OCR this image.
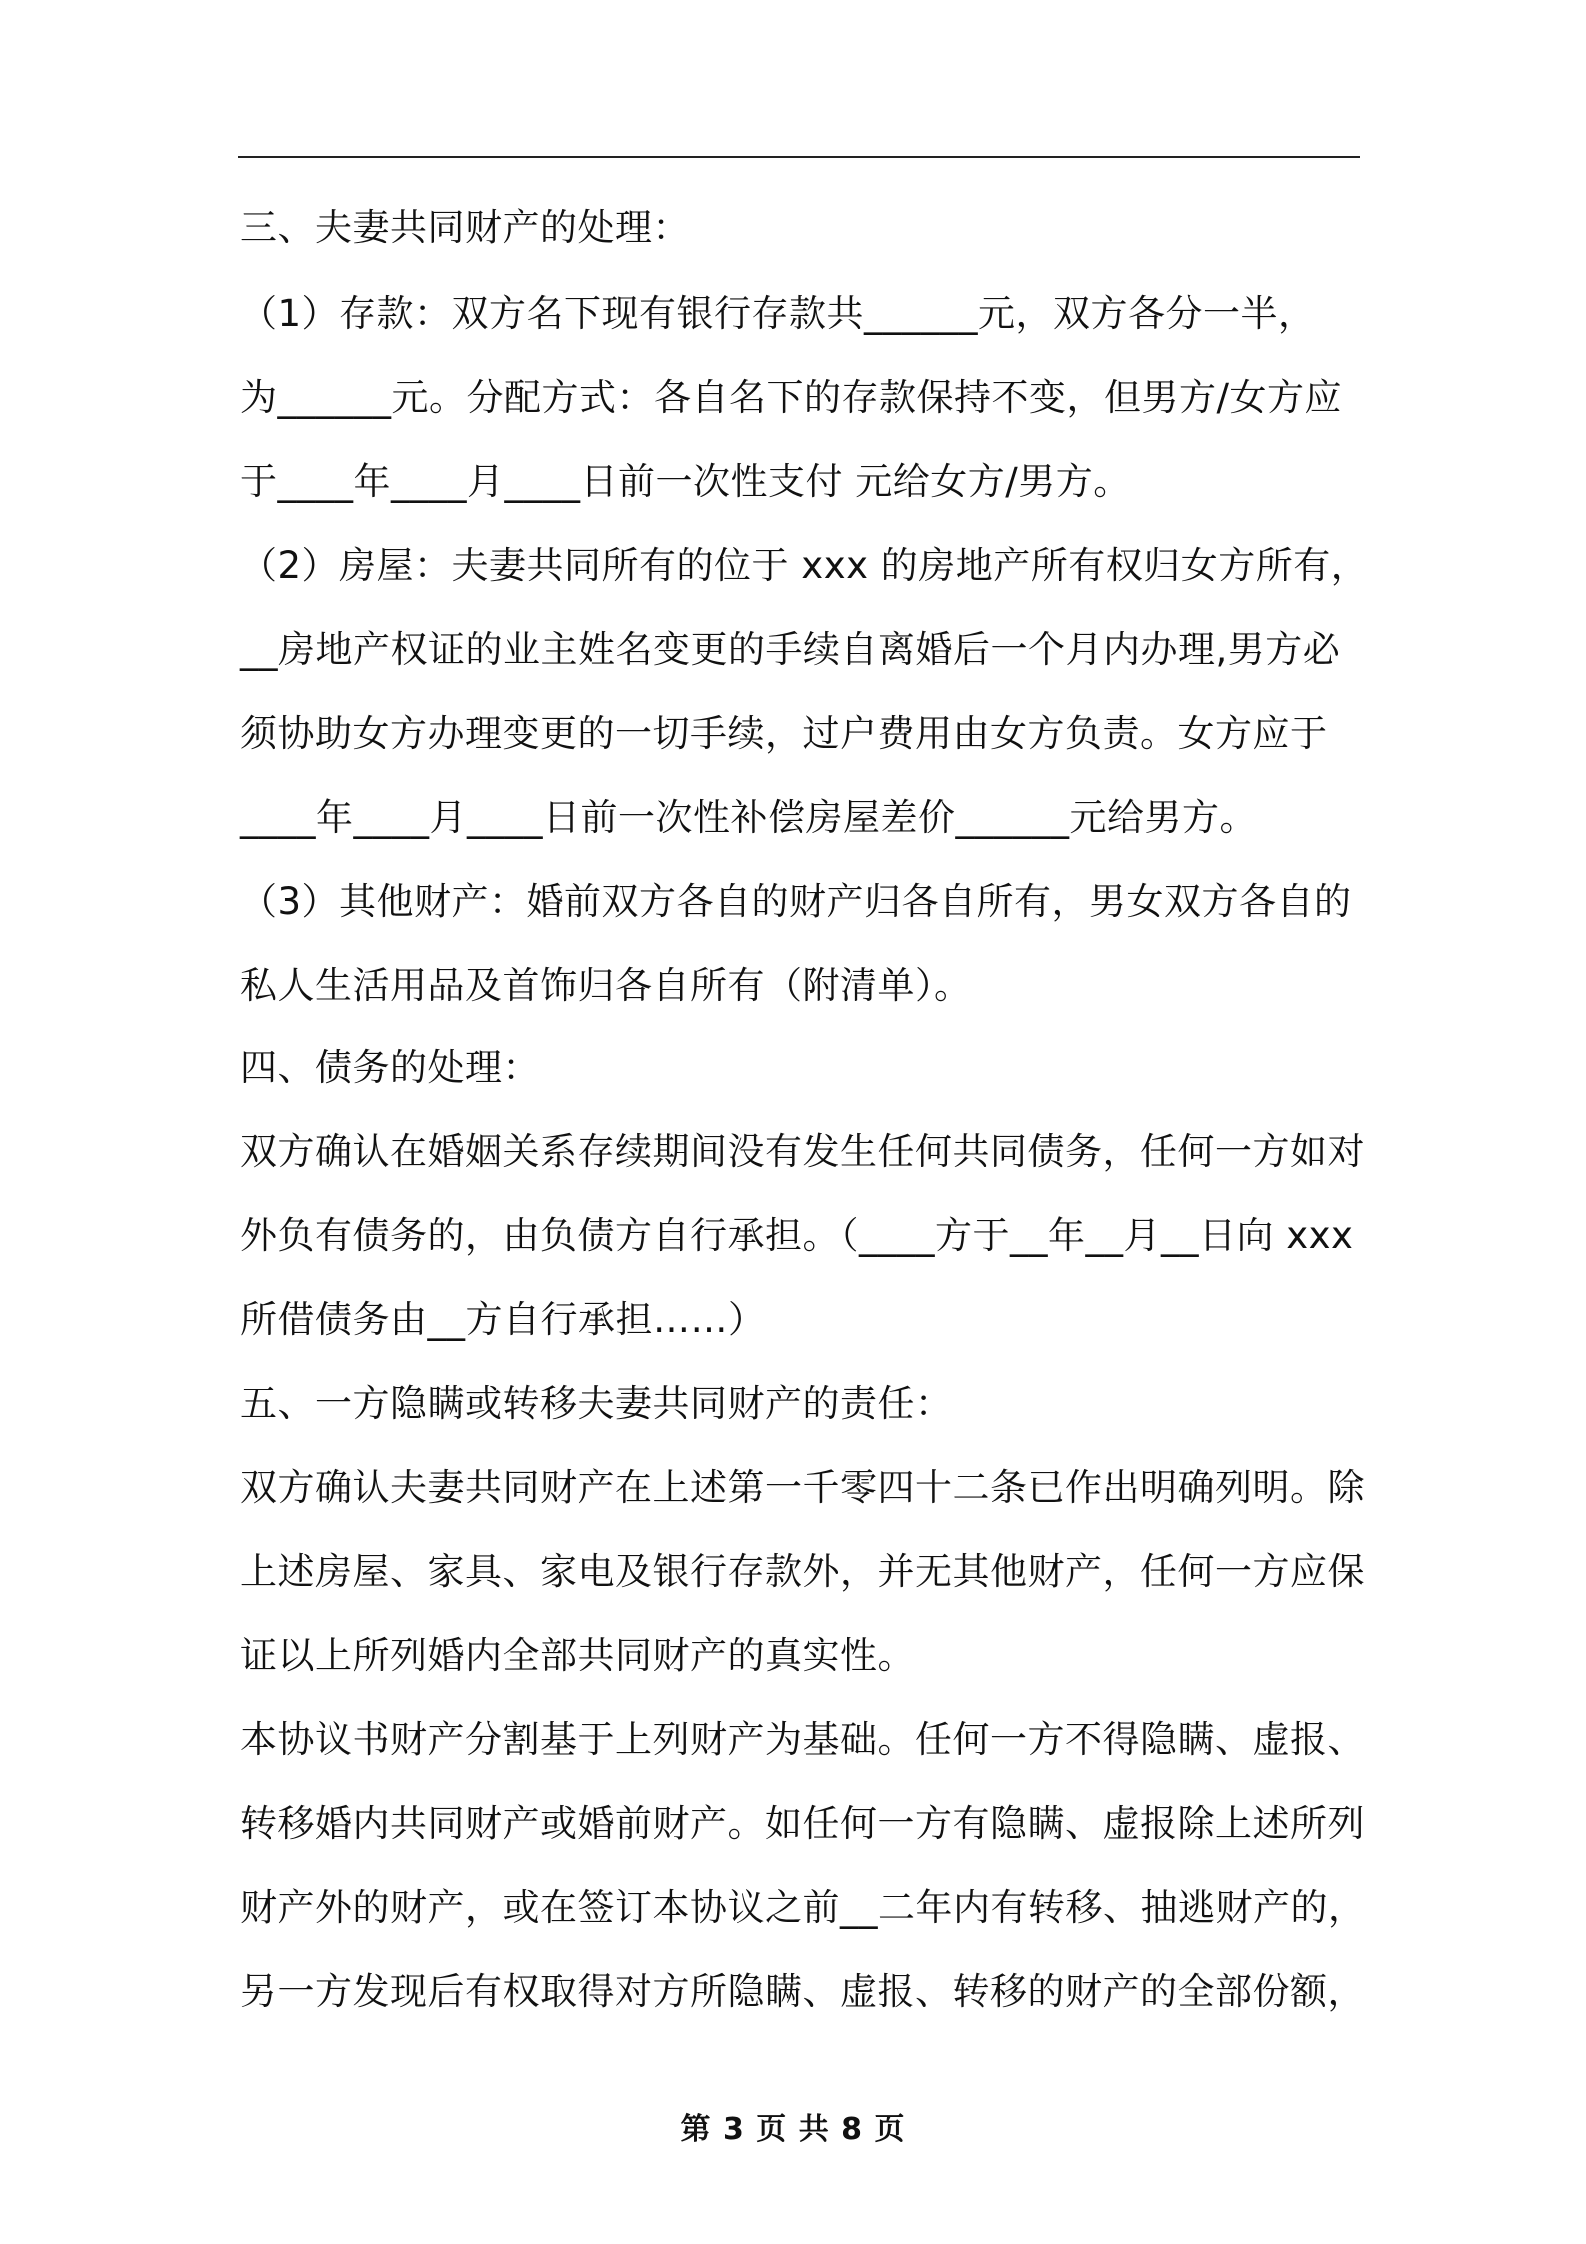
三、夫妻共同财产的处理：
（1）存款：双方名下现有银行存款共______元，双方各分一半，
为______元。分配方式：各自名下的存款保持不变，但男方/女方应
于____年____月____日前一次性支付 元给女方/男方。
（2）房屋：夫妻共同所有的位于 xxx 的房地产所有权归女方所有，
__房地产权证的业主姓名变更的手续自离婚后一个月内办理,男方必
须协助女方办理变更的一切手续，过户费用由女方负责。女方应于
____年____月____日前一次性补偿房屋差价______元给男方。
（3）其他财产：婚前双方各自的财产归各自所有，男女双方各自的
私人生活用品及首饰归各自所有（附清单）。
四、债务的处理：
双方确认在婚姻关系存续期间没有发生任何共同债务，任何一方如对
外负有债务的，由负债方自行承担。（____方于__年__月__日向 xxx
所借债务由__方自行承担……）
五、一方隐瞒或转移夫妻共同财产的责任：
双方确认夫妻共同财产在上述第一千零四十二条已作出明确列明。除
上述房屋、家具、家电及银行存款外，并无其他财产，任何一方应保
证以上所列婚内全部共同财产的真实性。
本协议书财产分割基于上列财产为基础。任何一方不得隐瞒、虚报、
转移婚内共同财产或婚前财产。如任何一方有隐瞒、虚报除上述所列
财产外的财产，或在签订本协议之前__二年内有转移、抽逃财产的，
另一方发现后有权取得对方所隐瞒、虚报、转移的财产的全部份额，
第 3 页 共 8 页
